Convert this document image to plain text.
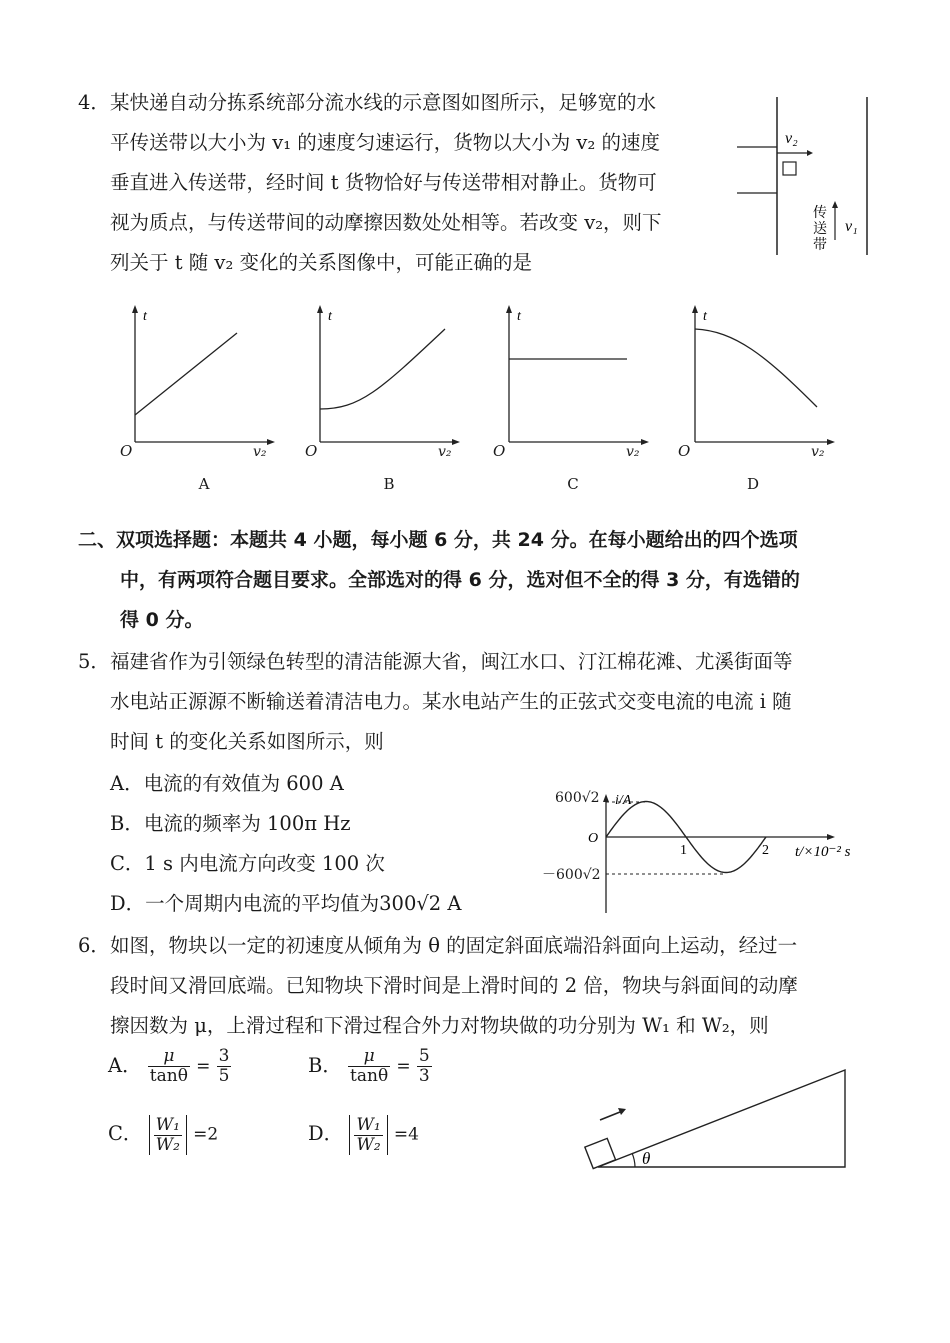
4． 某快递自动分拣系统部分流水线的示意图如图所示，足够宽的水
平传送带以大小为 v₁ 的速度匀速运行，货物以大小为 v₂ 的速度
垂直进入传送带，经时间 t 货物恰好与传送带相对静止。货物可
视为质点，与传送带间的动摩擦因数处处相等。若改变 v₂，则下
列关于 t 随 v₂ 变化的关系图像中，可能正确的是
v₂
传
送
带
v₁
t	t	t	t
O	v₂	O	v₂	O	v₂	O	v₂
A	B	C	D
二、双项选择题：本题共 4 小题，每小题 6 分，共 24 分。在每小题给出的四个选项
中，有两项符合题目要求。全部选对的得 6 分，选对但不全的得 3 分，有选错的
得 0 分。
5． 福建省作为引领绿色转型的清洁能源大省，闽江水口、汀江棉花滩、尤溪街面等
水电站正源源不断输送着清洁电力。某水电站产生的正弦式交变电流的电流 i 随
时间 t 的变化关系如图所示，则
A．电流的有效值为 600 A
B．电流的频率为 100π Hz
C．1 s 内电流方向改变 100 次
D．一个周期内电流的平均值为300√2 A
i/A
O
1	2 t/×10⁻² s
600√2
－600√2
6． 如图，物块以一定的初速度从倾角为 θ 的固定斜面底端沿斜面向上运动，经过一
段时间又滑回底端。已知物块下滑时间是上滑时间的 2 倍，物块与斜面间的动摩
擦因数为 μ，上滑过程和下滑过程合外力对物块做的功分别为 W₁ 和 W₂，则
A． $\frac{\mu}{\tan\theta} = \frac{3}{5}$	B． $\frac{\mu}{\tan\theta} = \frac{5}{3}$
C． $\frac{\text{W₁}}{\text{W₂}} =2$	D． $\frac{\text{W₁}}{\text{W₂}} =4$
θ
